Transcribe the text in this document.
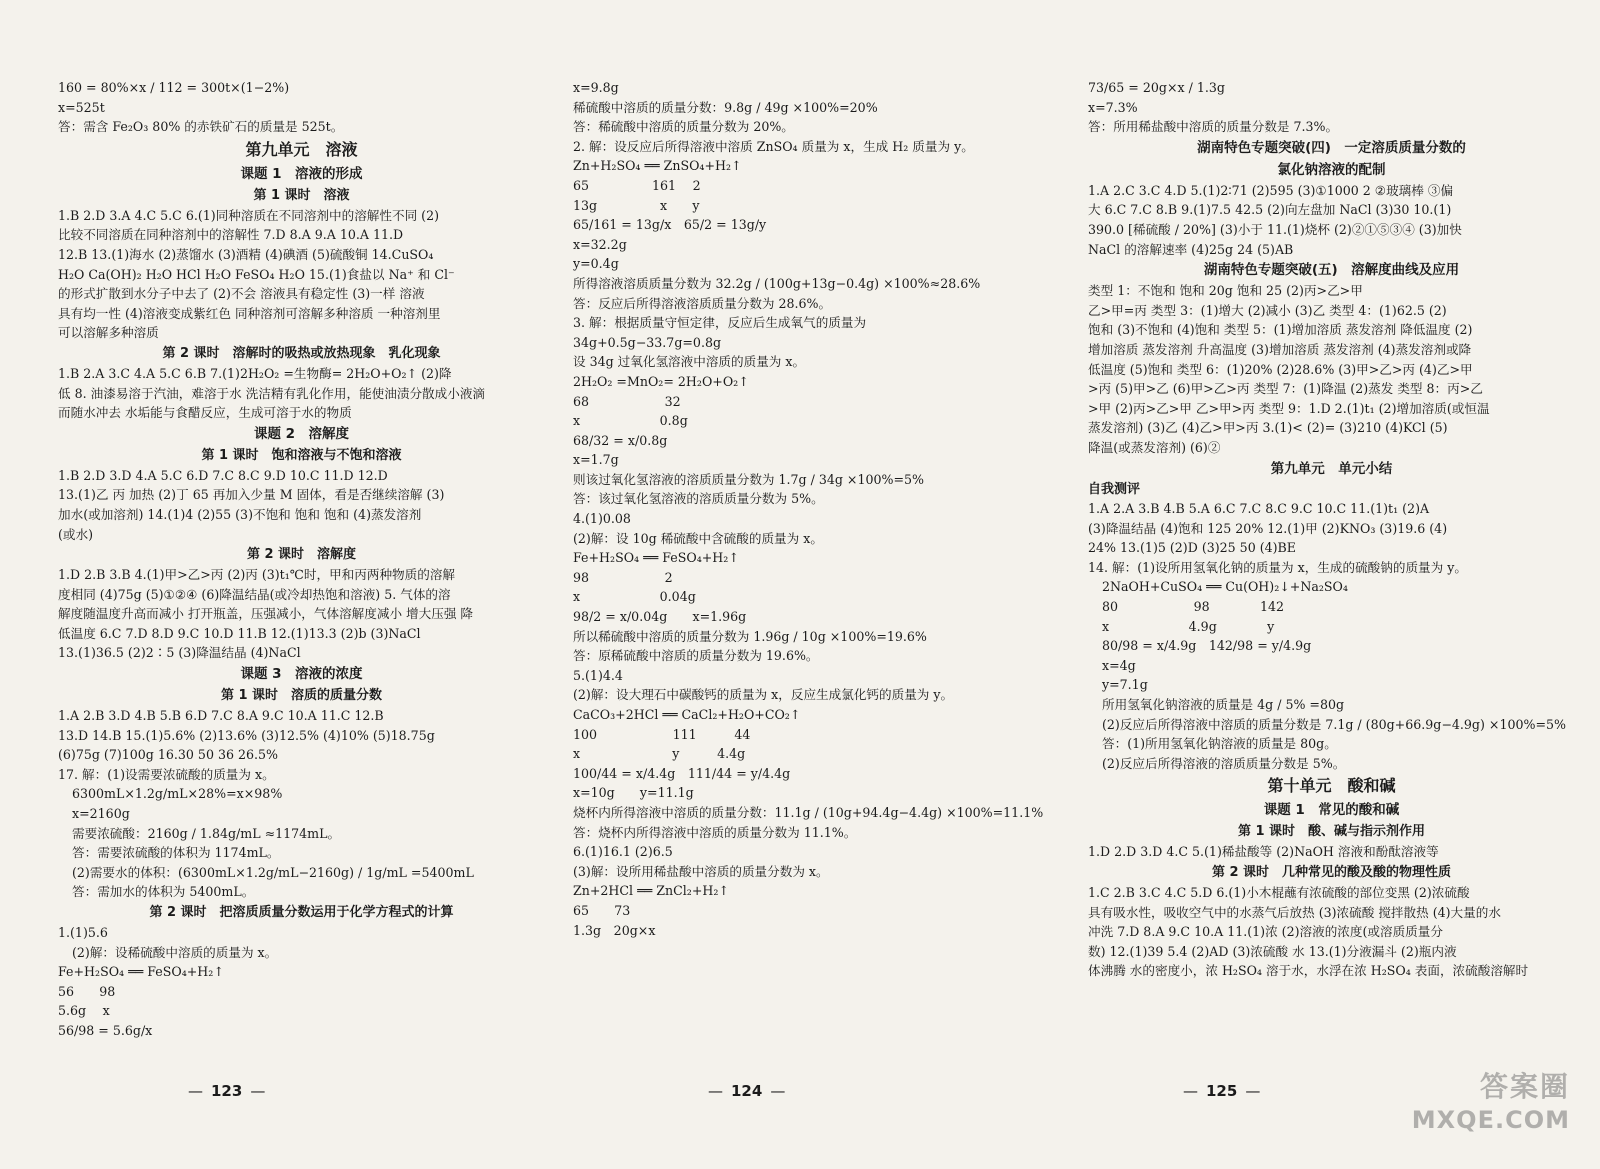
160 = 80%×x / 112 = 300t×(1−2%)
x=525t
答：需含 Fe₂O₃ 80% 的赤铁矿石的质量是 525t。
第九单元　溶液
课题 1　溶液的形成
第 1 课时　溶液
1.B 2.D 3.A 4.C 5.C 6.(1)同种溶质在不同溶剂中的溶解性不同 (2)
比较不同溶质在同种溶剂中的溶解性 7.D 8.A 9.A 10.A 11.D
12.B 13.(1)海水 (2)蒸馏水 (3)酒精 (4)碘酒 (5)硫酸铜 14.CuSO₄
H₂O Ca(OH)₂ H₂O HCl H₂O FeSO₄ H₂O 15.(1)食盐以 Na⁺ 和 Cl⁻
的形式扩散到水分子中去了 (2)不会 溶液具有稳定性 (3)一样 溶液
具有均一性 (4)溶液变成紫红色 同种溶剂可溶解多种溶质 一种溶剂里
可以溶解多种溶质
第 2 课时　溶解时的吸热或放热现象　乳化现象
1.B 2.A 3.C 4.A 5.C 6.B 7.(1)2H₂O₂ =生物酶= 2H₂O+O₂↑ (2)降
低 8. 油漆易溶于汽油，难溶于水 洗洁精有乳化作用，能使油渍分散成小液滴
而随水冲去 水垢能与食醋反应，生成可溶于水的物质
课题 2　溶解度
第 1 课时　饱和溶液与不饱和溶液
1.B 2.D 3.D 4.A 5.C 6.D 7.C 8.C 9.D 10.C 11.D 12.D
13.(1)乙 丙 加热 (2)丁 65 再加入少量 M 固体，看是否继续溶解 (3)
加水(或加溶剂) 14.(1)4 (2)55 (3)不饱和 饱和 饱和 (4)蒸发溶剂
(或水)
第 2 课时　溶解度
1.D 2.B 3.B 4.(1)甲>乙>丙 (2)丙 (3)t₁℃时，甲和丙两种物质的溶解
度相同 (4)75g (5)①②④ (6)降温结晶(或冷却热饱和溶液) 5. 气体的溶
解度随温度升高而减小 打开瓶盖，压强减小，气体溶解度减小 增大压强 降
低温度 6.C 7.D 8.D 9.C 10.D 11.B 12.(1)13.3 (2)b (3)NaCl
13.(1)36.5 (2)2∶5 (3)降温结晶 (4)NaCl
课题 3　溶液的浓度
第 1 课时　溶质的质量分数
1.A 2.B 3.D 4.B 5.B 6.D 7.C 8.A 9.C 10.A 11.C 12.B
13.D 14.B 15.(1)5.6% (2)13.6% (3)12.5% (4)10% (5)18.75g
(6)75g (7)100g 16.30 50 36 26.5%
17. 解：(1)设需要浓硫酸的质量为 x。
6300mL×1.2g/mL×28%=x×98%
x=2160g
需要浓硫酸：2160g / 1.84g/mL ≈1174mL。
答：需要浓硫酸的体积为 1174mL。
(2)需要水的体积：(6300mL×1.2g/mL−2160g) / 1g/mL =5400mL
答：需加水的体积为 5400mL。
第 2 课时　把溶质质量分数运用于化学方程式的计算
1.(1)5.6
(2)解：设稀硫酸中溶质的质量为 x。
Fe+H₂SO₄ ══ FeSO₄+H₂↑
56　　98
5.6g　 x
56/98 = 5.6g/x
x=9.8g
稀硫酸中溶质的质量分数：9.8g / 49g ×100%=20%
答：稀硫酸中溶质的质量分数为 20%。
2. 解：设反应后所得溶液中溶质 ZnSO₄ 质量为 x，生成 H₂ 质量为 y。
Zn+H₂SO₄ ══ ZnSO₄+H₂↑
65　　　　　161　 2
13g　　　　　x　　y
65/161 = 13g/x　65/2 = 13g/y
x=32.2g
y=0.4g
所得溶液溶质质量分数为 32.2g / (100g+13g−0.4g) ×100%≈28.6%
答：反应后所得溶液溶质质量分数为 28.6%。
3. 解：根据质量守恒定律，反应后生成氧气的质量为
34g+0.5g−33.7g=0.8g
设 34g 过氧化氢溶液中溶质的质量为 x。
2H₂O₂ =MnO₂= 2H₂O+O₂↑
68　　　　　　32
x　　　　　　 0.8g
68/32 = x/0.8g
x=1.7g
则该过氧化氢溶液的溶质质量分数为 1.7g / 34g ×100%=5%
答：该过氧化氢溶液的溶质质量分数为 5%。
4.(1)0.08
(2)解：设 10g 稀硫酸中含硫酸的质量为 x。
Fe+H₂SO₄ ══ FeSO₄+H₂↑
98　　　　　　2
x　　　　　　 0.04g
98/2 = x/0.04g　　x=1.96g
所以稀硫酸中溶质的质量分数为 1.96g / 10g ×100%=19.6%
答：原稀硫酸中溶质的质量分数为 19.6%。
5.(1)4.4
(2)解：设大理石中碳酸钙的质量为 x，反应生成氯化钙的质量为 y。
CaCO₃+2HCl ══ CaCl₂+H₂O+CO₂↑
100　　　　　　111　　　44
x　　　　　　　 y　　　4.4g
100/44 = x/4.4g　111/44 = y/4.4g
x=10g　　y=11.1g
烧杯内所得溶液中溶质的质量分数：11.1g / (10g+94.4g−4.4g) ×100%=11.1%
答：烧杯内所得溶液中溶质的质量分数为 11.1%。
6.(1)16.1 (2)6.5
(3)解：设所用稀盐酸中溶质的质量分数为 x。
Zn+2HCl ══ ZnCl₂+H₂↑
65　　73
1.3g　20g×x
73/65 = 20g×x / 1.3g
x=7.3%
答：所用稀盐酸中溶质的质量分数是 7.3%。
湖南特色专题突破(四)　一定溶质质量分数的
氯化钠溶液的配制
1.A 2.C 3.C 4.D 5.(1)2∶71 (2)595 (3)①1000 2 ②玻璃棒 ③偏
大 6.C 7.C 8.B 9.(1)7.5 42.5 (2)向左盘加 NaCl (3)30 10.(1)
390.0 [稀硫酸 / 20%] (3)小于 11.(1)烧杯 (2)②①⑤③④ (3)加快
NaCl 的溶解速率 (4)25g 24 (5)AB
湖南特色专题突破(五)　溶解度曲线及应用
类型 1：不饱和 饱和 20g 饱和 25 (2)丙>乙>甲
乙>甲=丙 类型 3：(1)增大 (2)减小 (3)乙 类型 4：(1)62.5 (2)
饱和 (3)不饱和 (4)饱和 类型 5：(1)增加溶质 蒸发溶剂 降低温度 (2)
增加溶质 蒸发溶剂 升高温度 (3)增加溶质 蒸发溶剂 (4)蒸发溶剂或降
低温度 (5)饱和 类型 6：(1)20% (2)28.6% (3)甲>乙>丙 (4)乙>甲
>丙 (5)甲>乙 (6)甲>乙>丙 类型 7：(1)降温 (2)蒸发 类型 8：丙>乙
>甲 (2)丙>乙>甲 乙>甲>丙 类型 9：1.D 2.(1)t₁ (2)增加溶质(或恒温
蒸发溶剂) (3)乙 (4)乙>甲>丙 3.(1)< (2)= (3)210 (4)KCl (5)
降温(或蒸发溶剂) (6)②
第九单元　单元小结
自我测评
1.A 2.A 3.B 4.B 5.A 6.C 7.C 8.C 9.C 10.C 11.(1)t₁ (2)A
(3)降温结晶 (4)饱和 125 20% 12.(1)甲 (2)KNO₃ (3)19.6 (4)
24% 13.(1)5 (2)D (3)25 50 (4)BE
14. 解：(1)设所用氢氧化钠的质量为 x，生成的硫酸钠的质量为 y。
2NaOH+CuSO₄ ══ Cu(OH)₂↓+Na₂SO₄
80　　　　　　98　　　　142
x　　　　　　 4.9g　　　　y
80/98 = x/4.9g　142/98 = y/4.9g
x=4g
y=7.1g
所用氢氧化钠溶液的质量是 4g / 5% =80g
(2)反应后所得溶液中溶质的质量分数是 7.1g / (80g+66.9g−4.9g) ×100%=5%
答：(1)所用氢氧化钠溶液的质量是 80g。
(2)反应后所得溶液的溶质质量分数是 5%。
第十单元　酸和碱
课题 1　常见的酸和碱
第 1 课时　酸、碱与指示剂作用
1.D 2.D 3.D 4.C 5.(1)稀盐酸等 (2)NaOH 溶液和酚酞溶液等
第 2 课时　几种常见的酸及酸的物理性质
1.C 2.B 3.C 4.C 5.D 6.(1)小木棍蘸有浓硫酸的部位变黑 (2)浓硫酸
具有吸水性，吸收空气中的水蒸气后放热 (3)浓硫酸 搅拌散热 (4)大量的水
冲洗 7.D 8.A 9.C 10.A 11.(1)浓 (2)溶液的浓度(或溶质质量分
数) 12.(1)39 5.4 (2)AD (3)浓硫酸 水 13.(1)分液漏斗 (2)瓶内液
体沸腾 水的密度小，浓 H₂SO₄ 溶于水，水浮在浓 H₂SO₄ 表面，浓硫酸溶解时
— 123 —	— 124 —	— 125 —	答案圈
MXQE.COM
